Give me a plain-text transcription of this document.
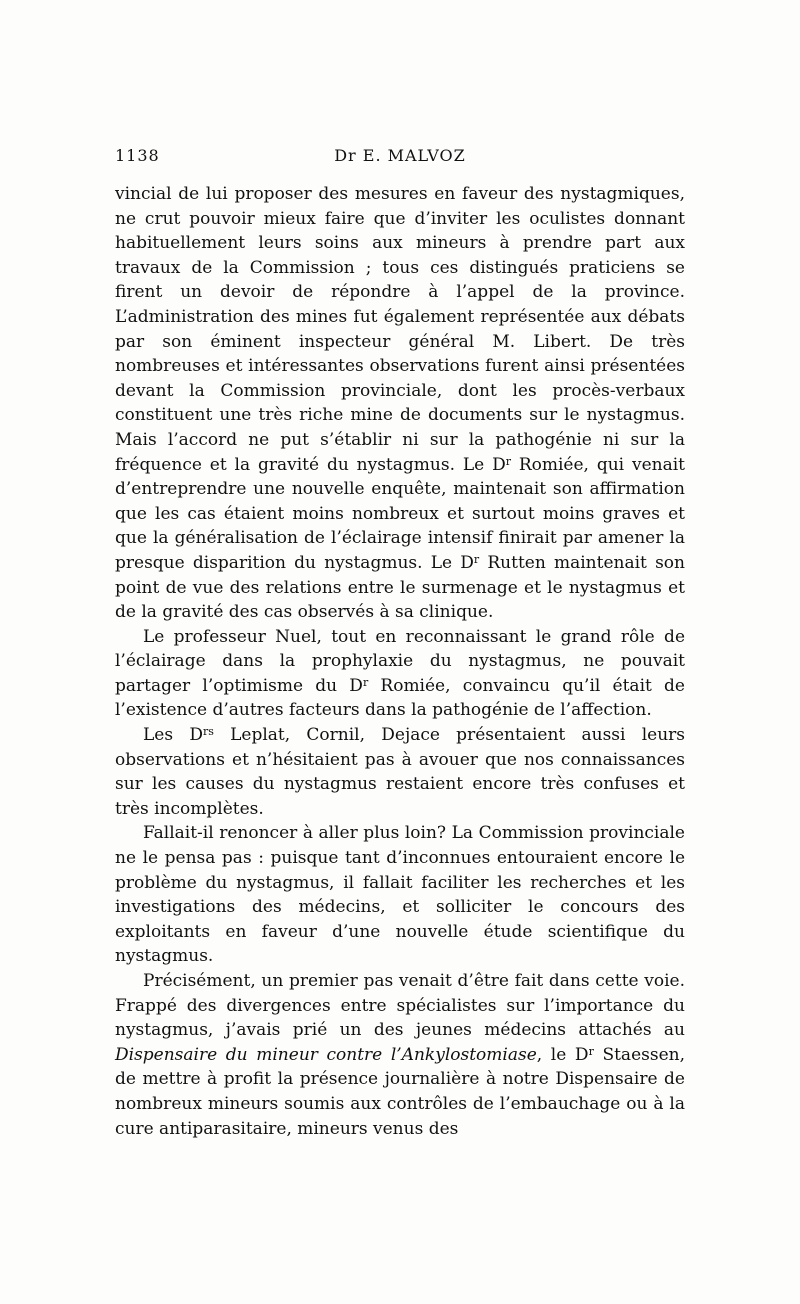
1138	Dr E. MALVOZ

vincial de lui proposer des mesures en faveur des nystagmiques, ne crut pouvoir mieux faire que d’inviter les oculistes donnant habituellement leurs soins aux mineurs à prendre part aux travaux de la Commission ; tous ces distingués praticiens se firent un devoir de répondre à l’appel de la province. L’administration des mines fut également représentée aux débats par son éminent inspecteur général M. Libert. De très nombreuses et intéressantes observations furent ainsi présentées devant la Commission provinciale, dont les procès-verbaux constituent une très riche mine de documents sur le nystagmus. Mais l’accord ne put s’établir ni sur la pathogénie ni sur la fréquence et la gravité du nystagmus. Le $D^r$ Romiée, qui venait d’entreprendre une nouvelle enquête, maintenait son affirmation que les cas étaient moins nombreux et surtout moins graves et que la généralisation de l’éclairage intensif finirait par amener la presque disparition du nystagmus. Le $D^r$ Rutten maintenait son point de vue des relations entre le surmenage et le nystagmus et de la gravité des cas observés à sa clinique.

Le professeur Nuel, tout en reconnaissant le grand rôle de l’éclairage dans la prophylaxie du nystagmus, ne pouvait partager l’optimisme du $D^r$ Romiée, convaincu qu’il était de l’existence d’autres facteurs dans la pathogénie de l’affection.

Les $D^{rs}$ Leplat, Cornil, Dejace présentaient aussi leurs observations et n’hésitaient pas à avouer que nos connaissances sur les causes du nystagmus restaient encore très confuses et très incomplètes.

Fallait-il renoncer à aller plus loin? La Commission provinciale ne le pensa pas : puisque tant d’inconnues entouraient encore le problème du nystagmus, il fallait faciliter les recherches et les investigations des médecins, et solliciter le concours des exploitants en faveur d’une nouvelle étude scientifique du nystagmus.

Précisément, un premier pas venait d’être fait dans cette voie. Frappé des divergences entre spécialistes sur l’importance du nystagmus, j’avais prié un des jeunes médecins attachés au Dispensaire du mineur contre l’Ankylostomiase, le $D^r$ Staessen, de mettre à profit la présence journalière à notre Dispensaire de nombreux mineurs soumis aux contrôles de l’embauchage ou à la cure antiparasitaire, mineurs venus des
